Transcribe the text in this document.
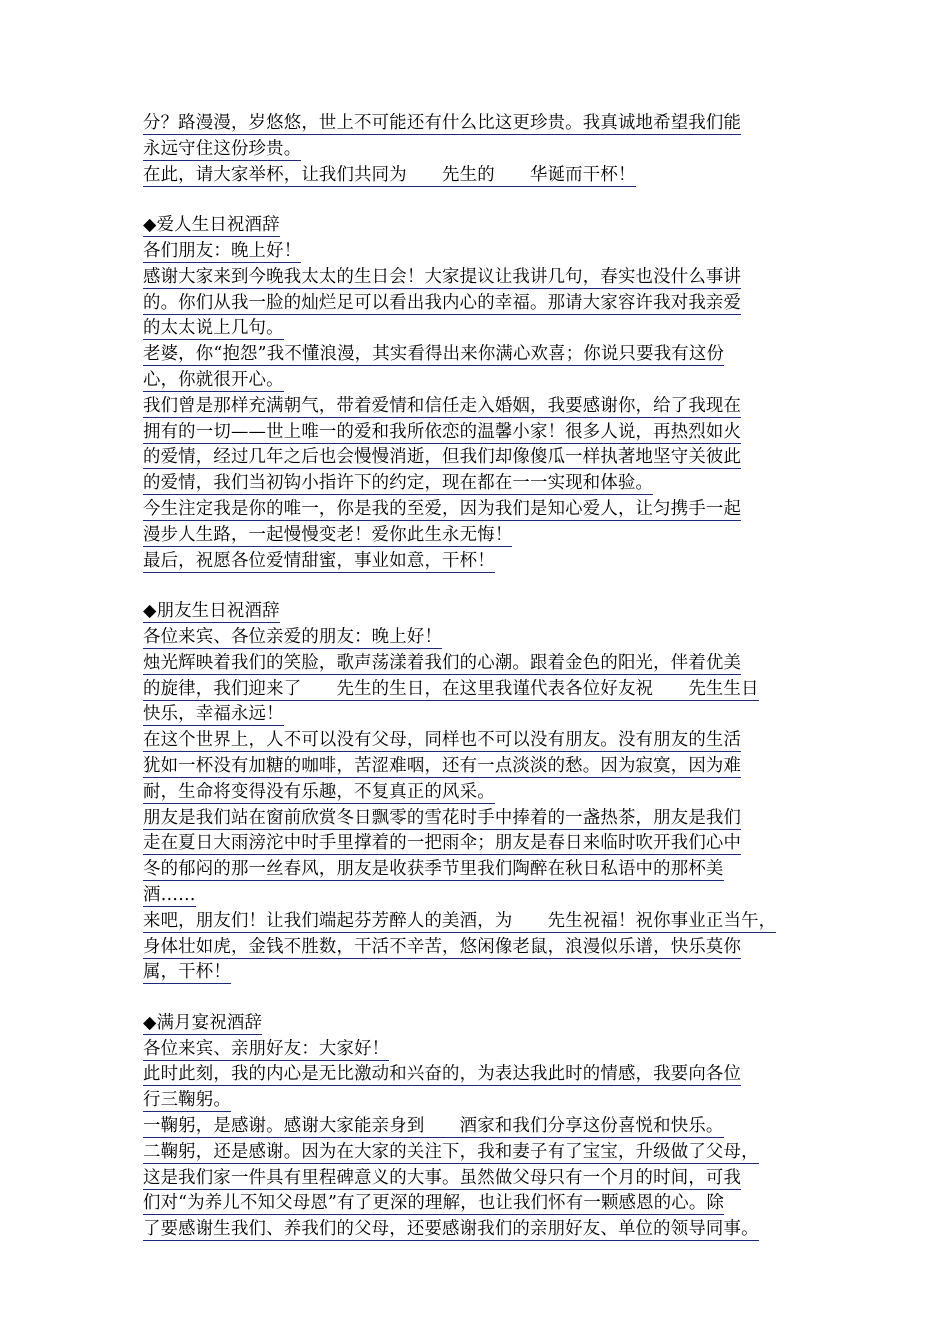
分？路漫漫，岁悠悠，世上不可能还有什么比这更珍贵。我真诚地希望我们能
永远守住这份珍贵。
在此，请大家举杯，让我们共同为　　先生的　　华诞而干杯！
◆爱人生日祝酒辞
各们朋友：晚上好！
感谢大家来到今晚我太太的生日会！大家提议让我讲几句，春实也没什么事讲
的。你们从我一脸的灿烂足可以看出我内心的幸福。那请大家容许我对我亲爱
的太太说上几句。
老婆，你“抱怨”我不懂浪漫，其实看得出来你满心欢喜；你说只要我有这份
心，你就很开心。
我们曾是那样充满朝气，带着爱情和信任走入婚姻，我要感谢你，给了我现在
拥有的一切——世上唯一的爱和我所依恋的温馨小家！很多人说，再热烈如火
的爱情，经过几年之后也会慢慢消逝，但我们却像傻瓜一样执著地坚守关彼此
的爱情，我们当初钩小指许下的约定，现在都在一一实现和体验。
今生注定我是你的唯一，你是我的至爱，因为我们是知心爱人，让匀携手一起
漫步人生路，一起慢慢变老！爱你此生永无悔！
最后，祝愿各位爱情甜蜜，事业如意，干杯！
◆朋友生日祝酒辞
各位来宾、各位亲爱的朋友：晚上好！
烛光辉映着我们的笑脸，歌声荡漾着我们的心潮。跟着金色的阳光，伴着优美
的旋律，我们迎来了　　先生的生日，在这里我谨代表各位好友祝　　先生生日
快乐，幸福永远！
在这个世界上，人不可以没有父母，同样也不可以没有朋友。没有朋友的生活
犹如一杯没有加糖的咖啡，苦涩难咽，还有一点淡淡的愁。因为寂寞，因为难
耐，生命将变得没有乐趣，不复真正的风采。
朋友是我们站在窗前欣赏冬日飘零的雪花时手中捧着的一盏热茶，朋友是我们
走在夏日大雨滂沱中时手里撑着的一把雨伞；朋友是春日来临时吹开我们心中
冬的郁闷的那一丝春风，朋友是收获季节里我们陶醉在秋日私语中的那杯美
酒……
来吧，朋友们！让我们端起芬芳醉人的美酒，为　　先生祝福！祝你事业正当午，
身体壮如虎，金钱不胜数，干活不辛苦，悠闲像老鼠，浪漫似乐谱，快乐莫你
属，干杯！
◆满月宴祝酒辞
各位来宾、亲朋好友：大家好！
此时此刻，我的内心是无比激动和兴奋的，为表达我此时的情感，我要向各位
行三鞠躬。
一鞠躬，是感谢。感谢大家能亲身到　　酒家和我们分享这份喜悦和快乐。
二鞠躬，还是感谢。因为在大家的关注下，我和妻子有了宝宝，升级做了父母，
这是我们家一件具有里程碑意义的大事。虽然做父母只有一个月的时间，可我
们对“为养儿不知父母恩”有了更深的理解，也让我们怀有一颗感恩的心。除
了要感谢生我们、养我们的父母，还要感谢我们的亲朋好友、单位的领导同事。
